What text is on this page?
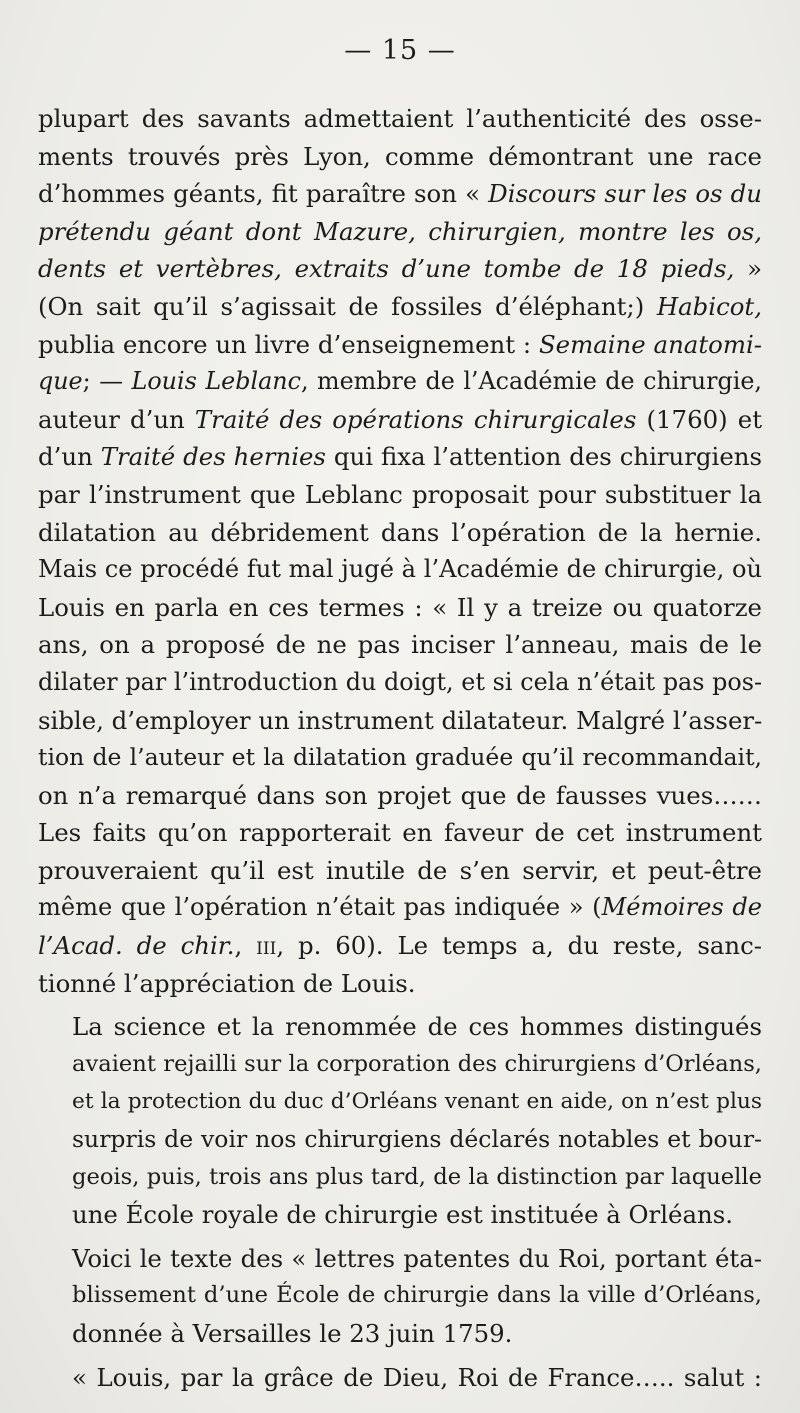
— 15 —
plupart des savants admettaient l’authenticité des osse-
ments trouvés près Lyon, comme démontrant une race
d’hommes géants, fit paraître son « Discours sur les os du
prétendu géant dont Mazure, chirurgien, montre les os,
dents et vertèbres, extraits d’une tombe de 18 pieds, »
(On sait qu’il s’agissait de fossiles d’éléphant;) Habicot,
publia encore un livre d’enseignement : Semaine anatomi-
que; — Louis Leblanc, membre de l’Académie de chirurgie,
auteur d’un Traité des opérations chirurgicales (1760) et
d’un Traité des hernies qui fixa l’attention des chirurgiens
par l’instrument que Leblanc proposait pour substituer la
dilatation au débridement dans l’opération de la hernie.
Mais ce procédé fut mal jugé à l’Académie de chirurgie, où
Louis en parla en ces termes : « Il y a treize ou quatorze
ans, on a proposé de ne pas inciser l’anneau, mais de le
dilater par l’introduction du doigt, et si cela n’était pas pos-
sible, d’employer un instrument dilatateur. Malgré l’asser-
tion de l’auteur et la dilatation graduée qu’il recommandait,
on n’a remarqué dans son projet que de fausses vues……
Les faits qu’on rapporterait en faveur de cet instrument
prouveraient qu’il est inutile de s’en servir, et peut-être
même que l’opération n’était pas indiquée » (Mémoires de
l’Acad. de chir., iii, p. 60). Le temps a, du reste, sanc-
tionné l’appréciation de Louis.
La science et la renommée de ces hommes distingués
avaient rejailli sur la corporation des chirurgiens d’Orléans,
et la protection du duc d’Orléans venant en aide, on n’est plus
surpris de voir nos chirurgiens déclarés notables et bour-
geois, puis, trois ans plus tard, de la distinction par laquelle
une École royale de chirurgie est instituée à Orléans.
Voici le texte des « lettres patentes du Roi, portant éta-
blissement d’une École de chirurgie dans la ville d’Orléans,
donnée à Versailles le 23 juin 1759.
« Louis, par la grâce de Dieu, Roi de France….. salut :
